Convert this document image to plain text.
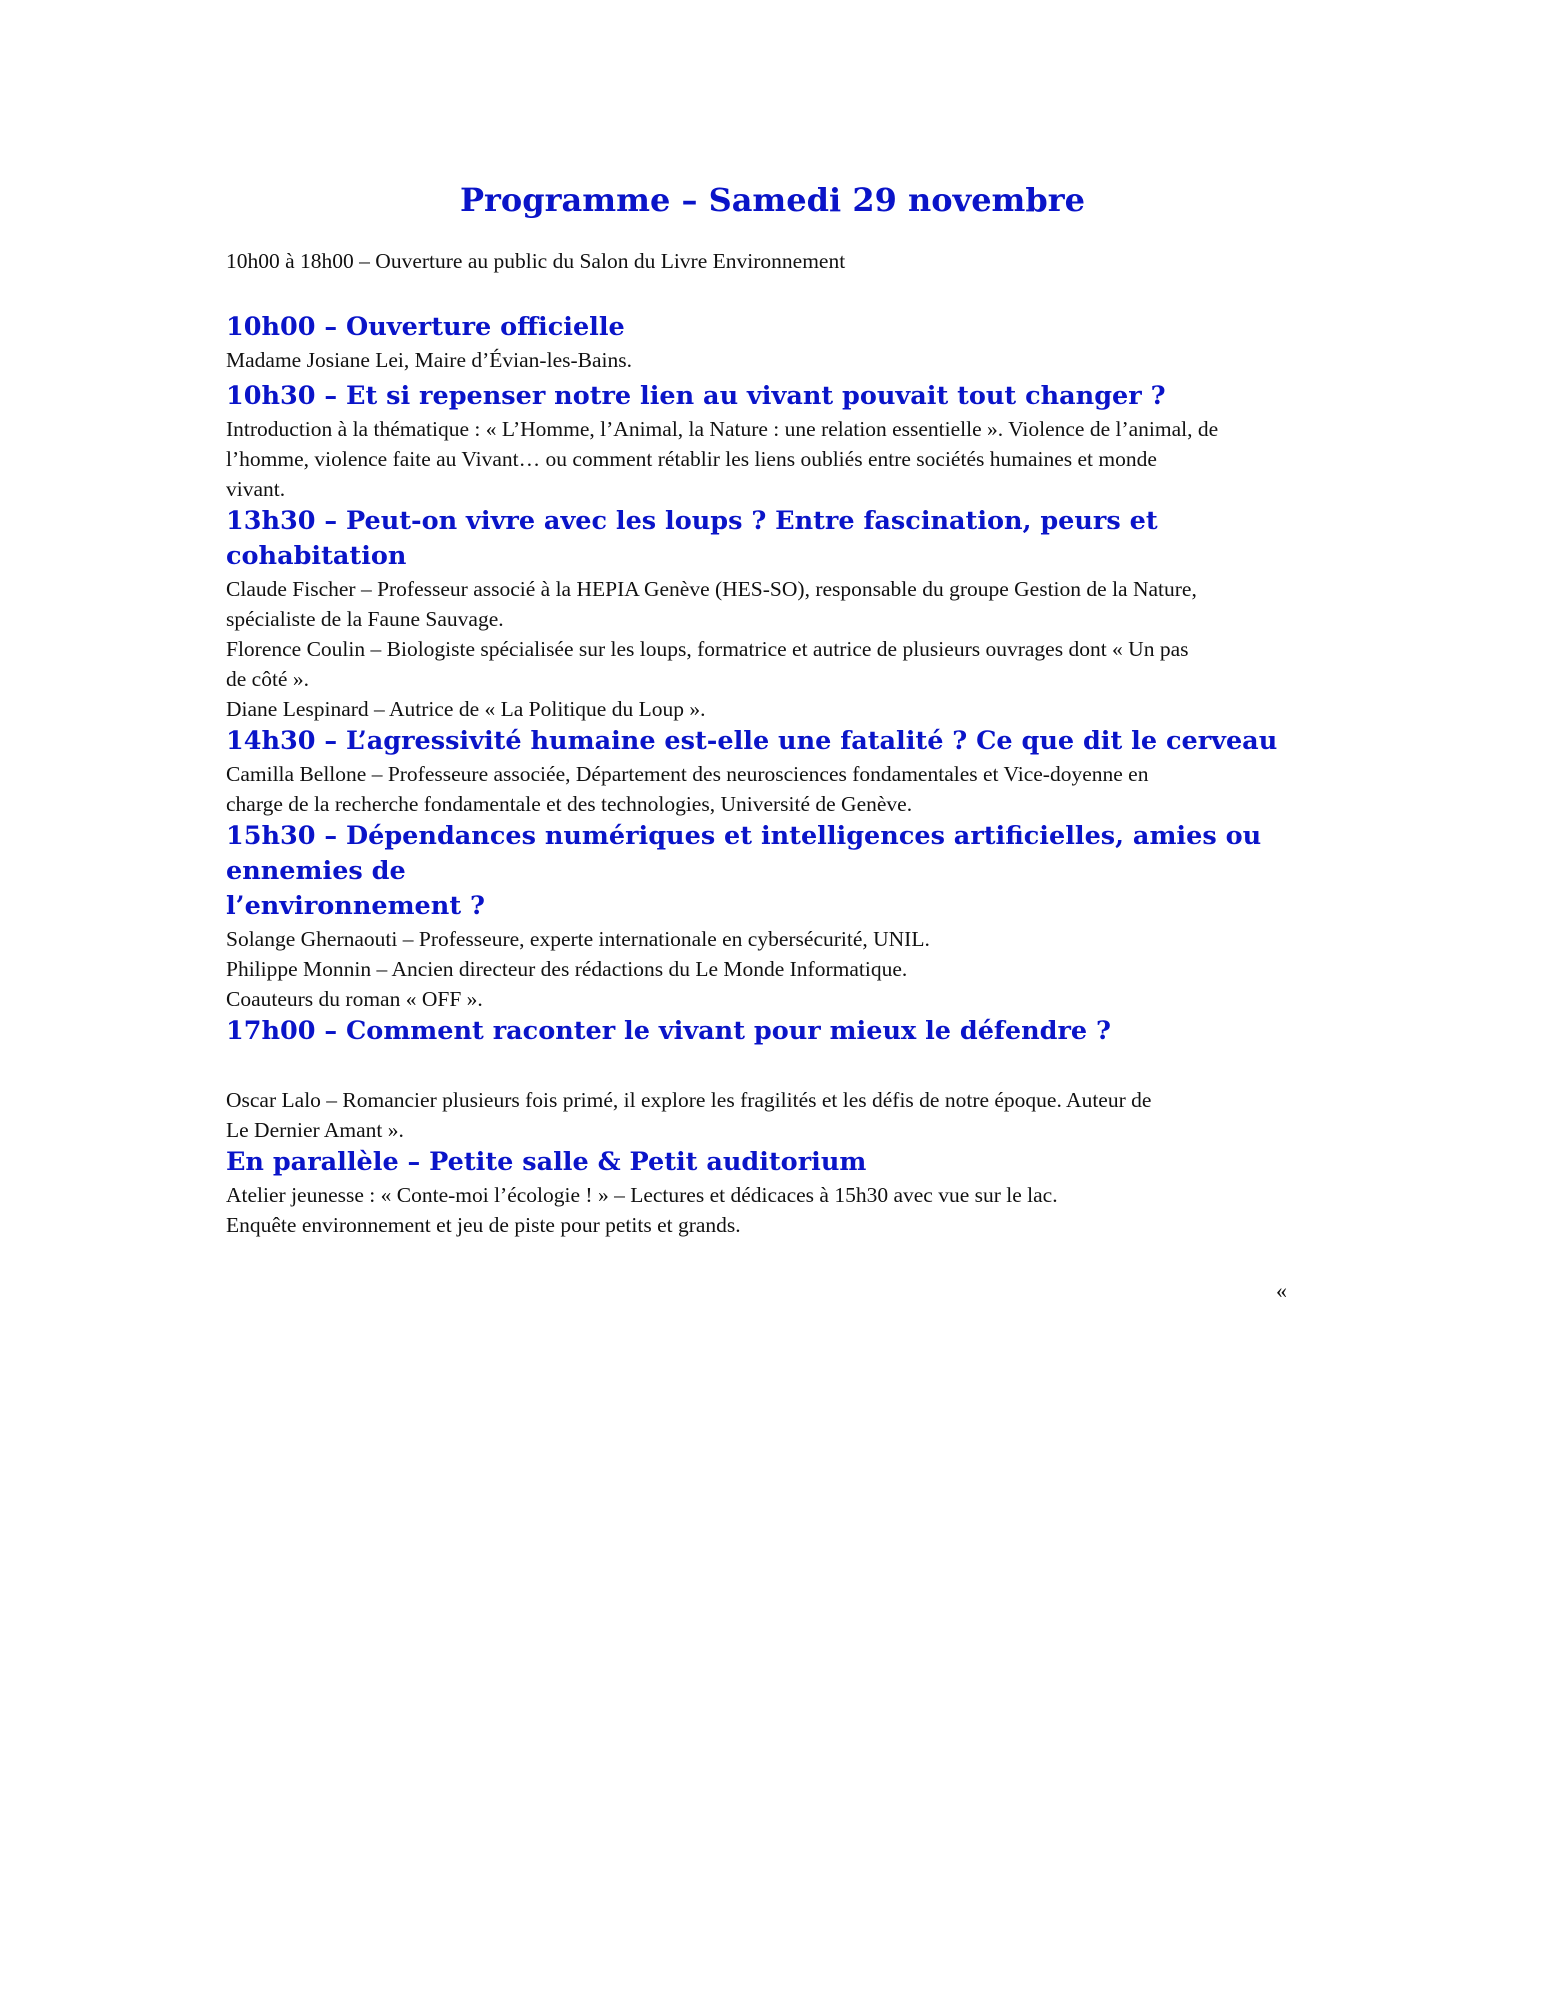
Programme – Samedi 29 novembre

10h00 à 18h00 – Ouverture au public du Salon du Livre Environnement

10h00 – Ouverture officielle

Madame Josiane Lei, Maire d’Évian-les-Bains.

10h30 – Et si repenser notre lien au vivant pouvait tout changer ?

Introduction à la thématique : « L’Homme, l’Animal, la Nature : une relation essentielle ». Violence de l’animal, de

l’homme, violence faite au Vivant… ou comment rétablir les liens oubliés entre sociétés humaines et monde

vivant.

13h30 – Peut-on vivre avec les loups ? Entre fascination, peurs et cohabitation

Claude Fischer – Professeur associé à la HEPIA Genève (HES-SO), responsable du groupe Gestion de la Nature,

spécialiste de la Faune Sauvage.

Florence Coulin – Biologiste spécialisée sur les loups, formatrice et autrice de plusieurs ouvrages dont « Un pas

de côté ».

Diane Lespinard – Autrice de « La Politique du Loup ».

14h30 – L’agressivité humaine est-elle une fatalité ? Ce que dit le cerveau

Camilla Bellone – Professeure associée, Département des neurosciences fondamentales et Vice-doyenne en

charge de la recherche fondamentale et des technologies, Université de Genève.

15h30 – Dépendances numériques et intelligences artificielles, amies ou ennemies de
l’environnement ?

Solange Ghernaouti – Professeure, experte internationale en cybersécurité, UNIL.

Philippe Monnin – Ancien directeur des rédactions du Le Monde Informatique.

Coauteurs du roman « OFF ».

17h00 – Comment raconter le vivant pour mieux le défendre ?

Oscar Lalo – Romancier plusieurs fois primé, il explore les fragilités et les défis de notre époque. Auteur de

Le Dernier Amant ».

En parallèle – Petite salle & Petit auditorium

Atelier jeunesse : « Conte-moi l’écologie ! » – Lectures et dédicaces à 15h30 avec vue sur le lac.

Enquête environnement et jeu de piste pour petits et grands.

«
